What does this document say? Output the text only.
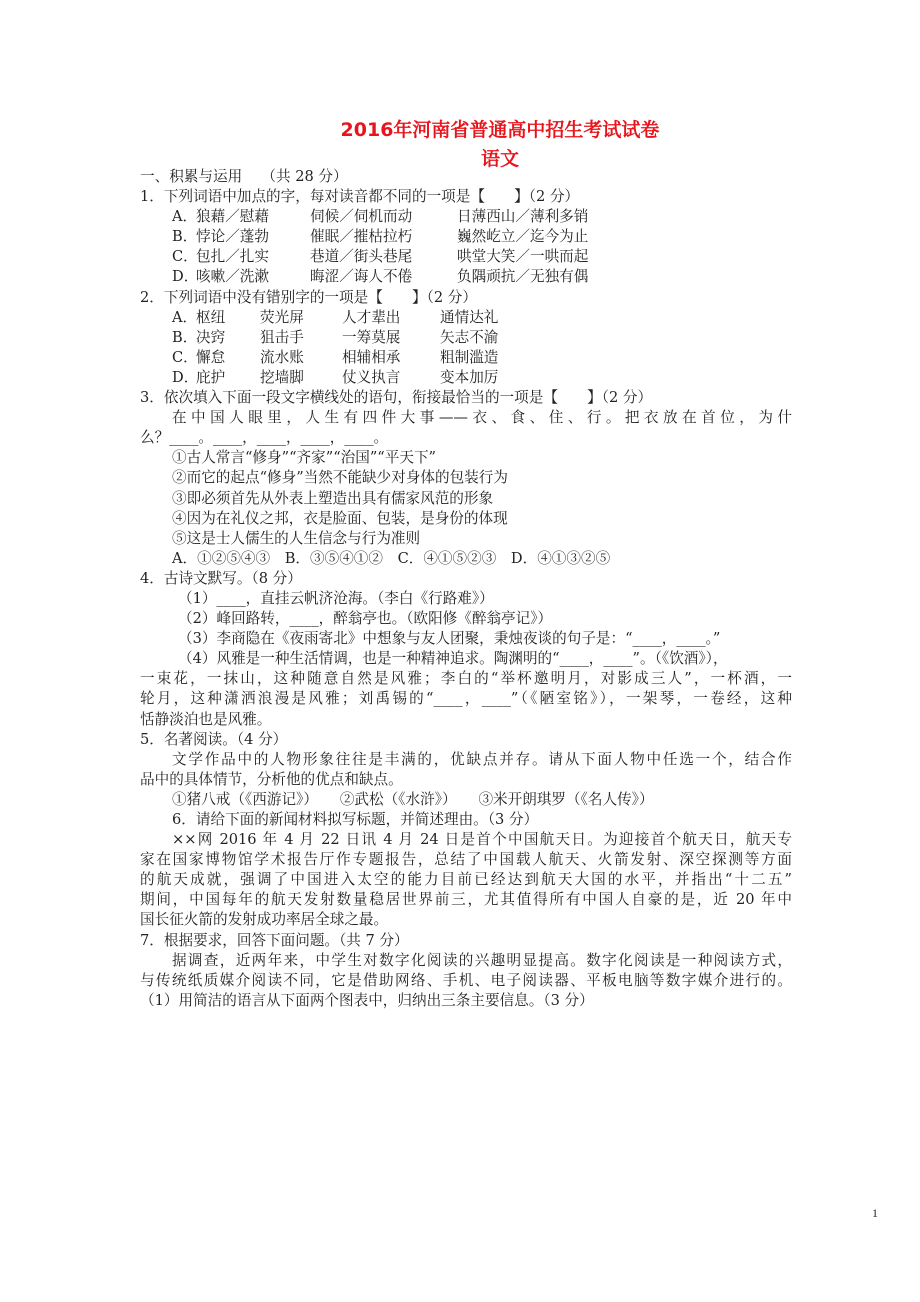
2016年河南省普通高中招生考试试卷
语文
一、积累与运用　 （共 28 分）
1．下列词语中加点的字，每对读音都不同的一项是【　　】（2 分）
A．
狼藉／慰藉	伺候／伺机而动	日薄西山／薄利多销
B．
悖论／蓬勃	催眠／摧枯拉朽	巍然屹立／迄今为止
C．
包扎／扎实	巷道／街头巷尾	哄堂大笑／一哄而起
D．
咳嗽／洗漱	晦涩／诲人不倦	负隅顽抗／无独有偶
2．下列词语中没有错别字的一项是【　　】（2 分）
A．
枢纽 荧光屏	人才辈出	通情达礼
B．
决窍 狙击手	一筹莫展	矢志不渝
C．
懈怠 流水账	相辅相承	粗制滥造
D．
庇护 挖墙脚	仗义执言	变本加厉
3．依次填入下面一段文字横线处的语句，衔接最恰当的一项是【　　】（2 分）
在中国人眼里，人生有四件大事——衣、食、住、行。把衣放在首位，为什
么？____。____，____，____，____。
①古人常言“修身”“齐家”“治国”“平天下”
②而它的起点“修身”当然不能缺少对身体的包装行为
③即必须首先从外表上塑造出具有儒家风范的形象
④因为在礼仪之邦，衣是脸面、包装，是身份的体现
⑤这是士人儒生的人生信念与行为准则
A．①②⑤④③　B．③⑤④①②　C．④①⑤②③　D．④①③②⑤
4．古诗文默写。（8 分）
（1）____，直挂云帆济沧海。（李白《行路难》）
（2）峰回路转，____，醉翁亭也。（欧阳修《醉翁亭记》）
（3）李商隐在《夜雨寄北》中想象与友人团聚，秉烛夜谈的句子是：“____，____。”
（4）风雅是一种生活情调，也是一种精神追求。陶渊明的“____，____”。（《饮酒》），
一束花，一抹山，这种随意自然是风雅；李白的“举杯邀明月，对影成三人”，一杯酒，一
轮月，这种潇洒浪漫是风雅；刘禹锡的“____，____”（《陋室铭》），一架琴，一卷经，这种
恬静淡泊也是风雅。
5．名著阅读。（4 分）
文学作品中的人物形象往往是丰满的，优缺点并存。请从下面人物中任选一个，结合作
品中的具体情节，分析他的优点和缺点。
①猪八戒（《西游记》）　　②武松（《水浒》）　　③米开朗琪罗（《名人传》）
6．请给下面的新闻材料拟写标题，并简述理由。（3 分）
××网 2016 年 4 月 22 日讯 4 月 24 日是首个中国航天日。为迎接首个航天日，航天专
家在国家博物馆学术报告厅作专题报告，总结了中国载人航天、火箭发射、深空探测等方面
的航天成就，强调了中国进入太空的能力目前已经达到航天大国的水平，并指出“十二五”
期间，中国每年的航天发射数量稳居世界前三，尤其值得所有中国人自豪的是，近 20 年中
国长征火箭的发射成功率居全球之最。
7．根据要求，回答下面问题。（共 7 分）
据调查，近两年来，中学生对数字化阅读的兴趣明显提高。数字化阅读是一种阅读方式，
与传统纸质媒介阅读不同，它是借助网络、手机、电子阅读器、平板电脑等数字媒介进行的。
（1）用简洁的语言从下面两个图表中，归纳出三条主要信息。（3 分）
1
